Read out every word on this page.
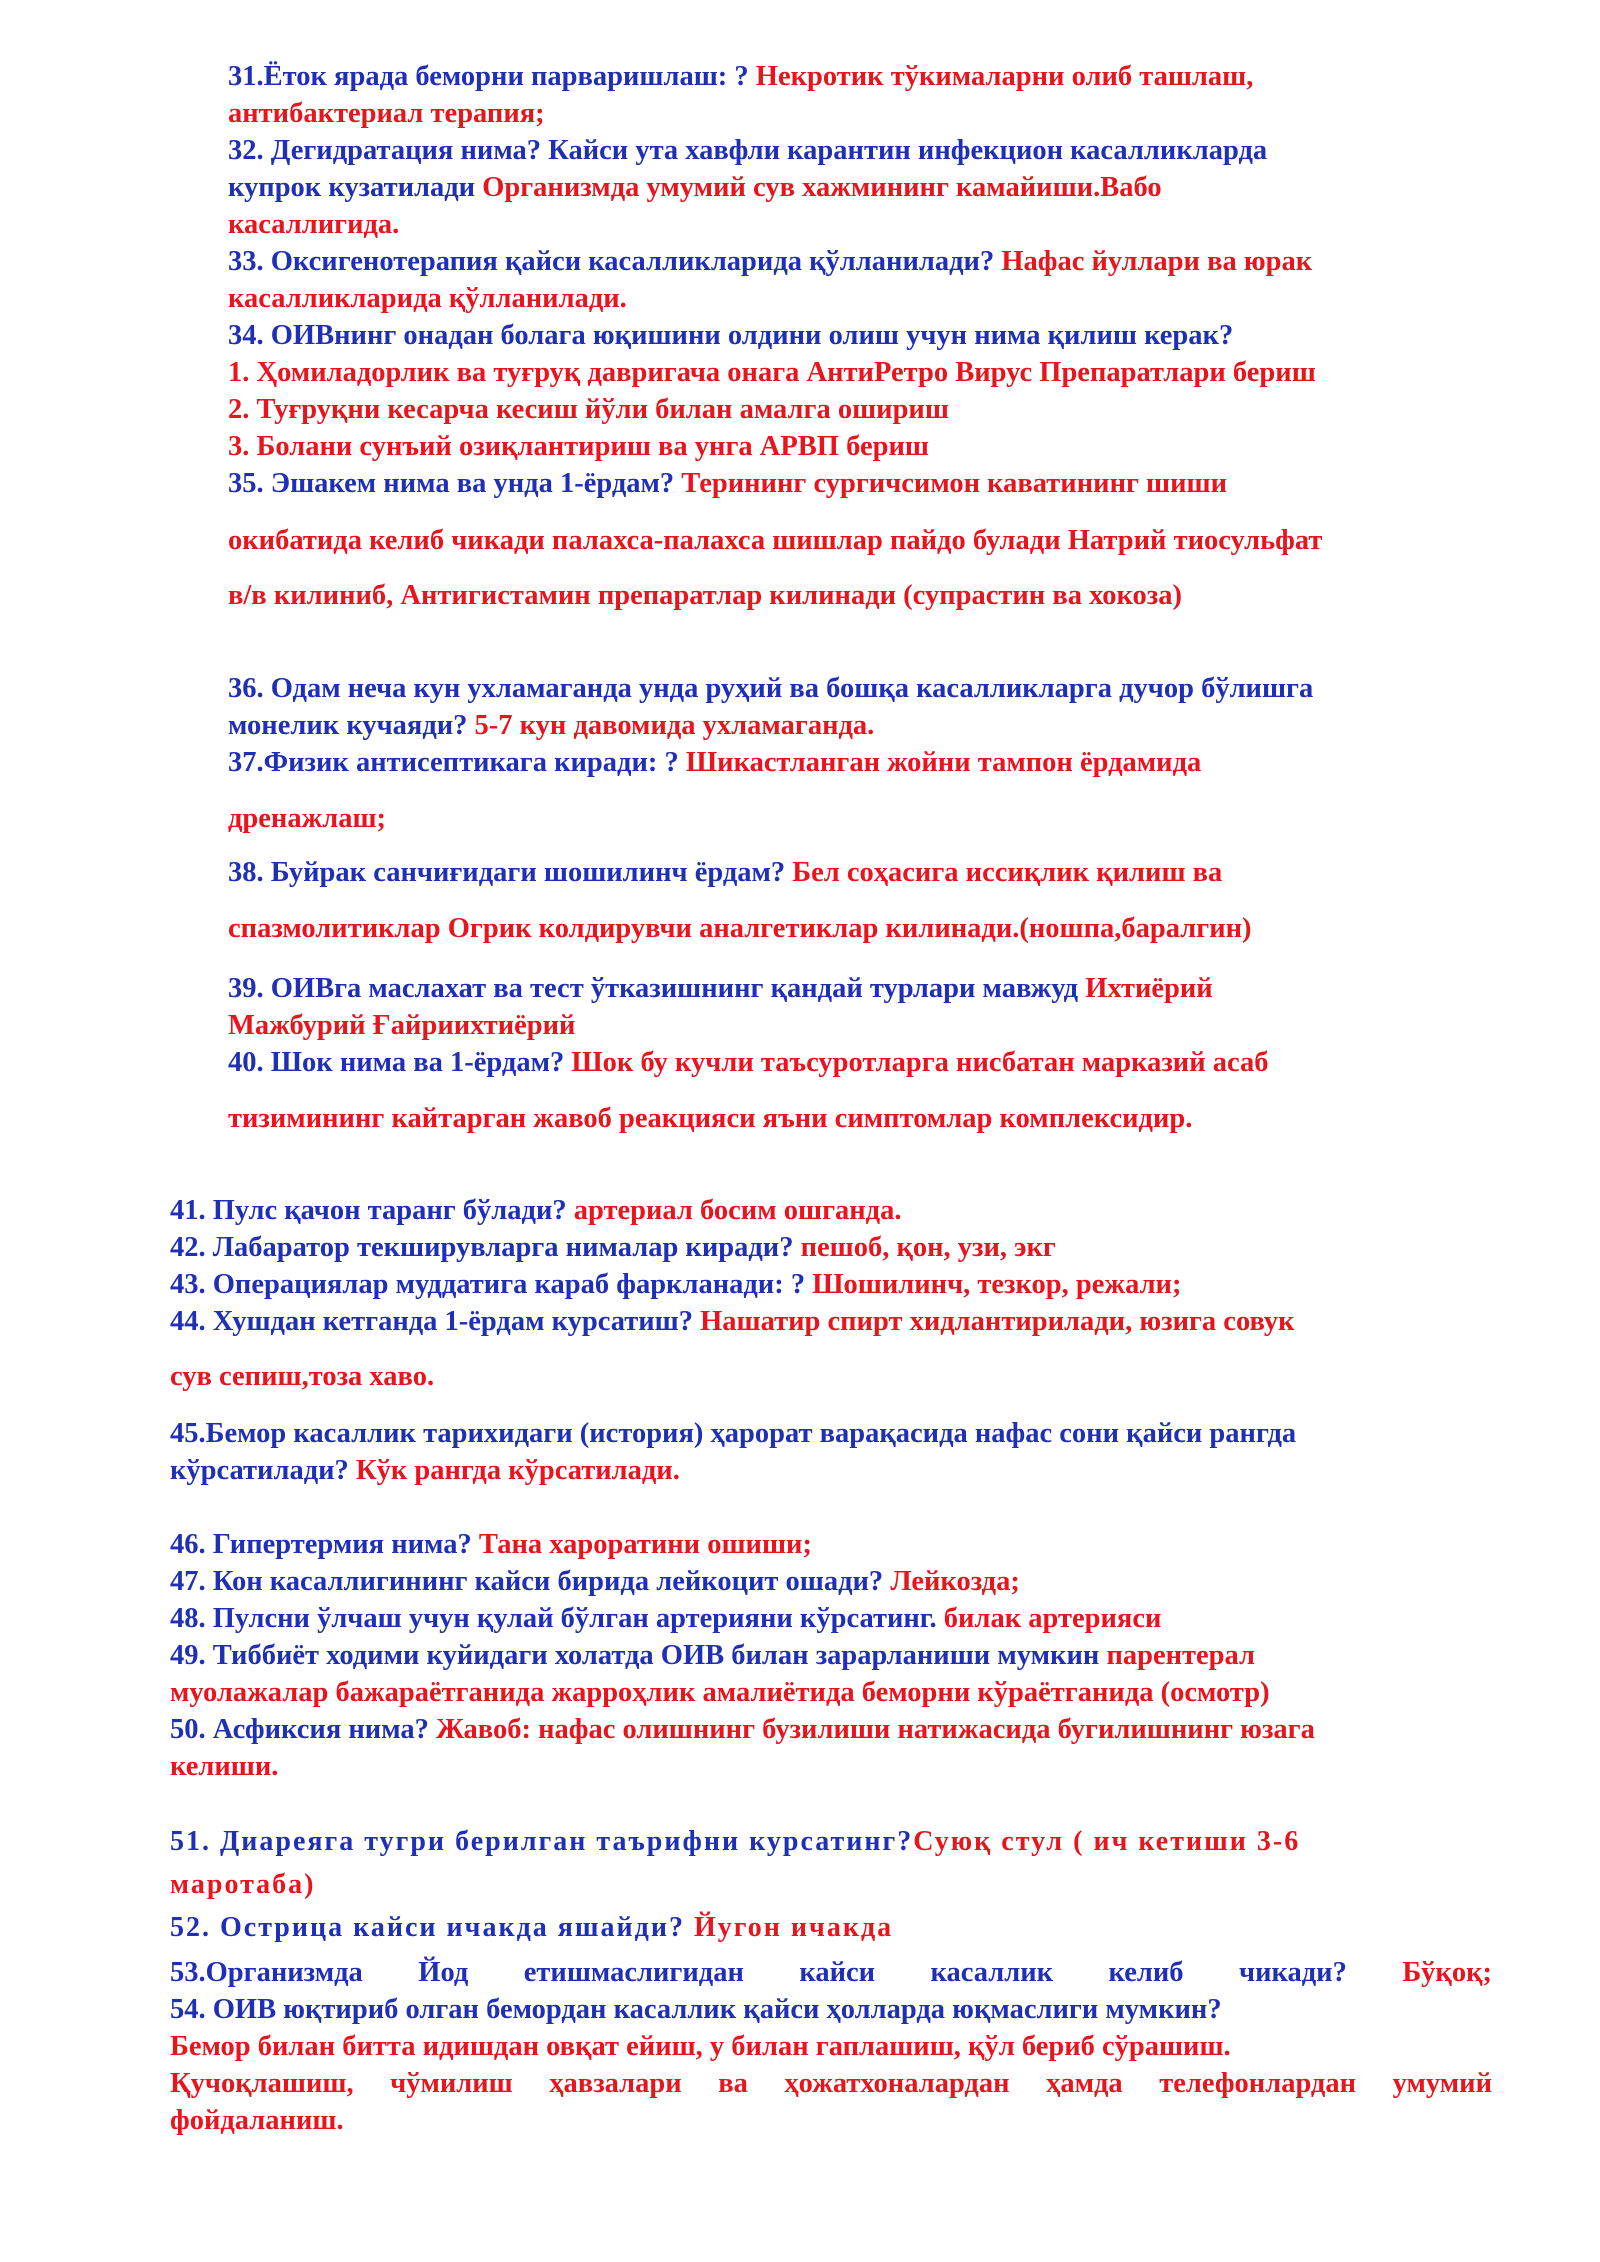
31.Ёток ярада беморни парваришлаш: ? Некротик тўкималарни олиб ташлаш,
антибактериал терапия;
32. Дегидратация нима? Кайси ута хавфли карантин инфекцион касалликларда
купрок кузатилади Организмда умумий сув хажмининг камайиши.Вабо
касаллигида.
33. Оксигенотерапия қайси касалликларида қўлланилади? Нафас йуллари ва юрак
касалликларида қўлланилади.
34. ОИВнинг онадан болага юқишини олдини олиш учун нима қилиш керак?
1. Ҳомиладорлик ва туғруқ давригача онага АнтиРетро Вирус Препаратлари бериш
2. Туғруқни кесарча кесиш йўли билан амалга ошириш
3. Болани сунъий озиқлантириш ва унга АРВП бериш
35. Эшакем нима ва унда 1-ёрдам? Терининг сургичсимон каватининг шиши
окибатида келиб чикади палахса-палахса шишлар пайдо булади Натрий тиосульфат
в/в килиниб, Антигистамин препаратлар килинади (супрастин ва хокоза)
36. Одам неча кун ухламаганда унда руҳий ва бошқа касалликларга дучор бўлишга
монелик кучаяди? 5-7 кун давомида ухламаганда.
37.Физик антисептикага киради: ? Шикастланган жойни тампон ёрдамида
дренажлаш;
38. Буйрак санчиғидаги шошилинч ёрдам? Бел соҳасига иссиқлик қилиш ва
спазмолитиклар Огрик колдирувчи аналгетиклар килинади.(ношпа,баралгин)
39. ОИВга маслахат ва тест ўтказишнинг қандай турлари мавжуд Ихтиёрий
Мажбурий Ғайриихтиёрий
40. Шок нима ва 1-ёрдам? Шок бу кучли таъсуротларга нисбатан марказий асаб
тизимининг кайтарган жавоб реакцияси яъни симптомлар комплексидир.
41. Пулс қачон таранг бўлади? артериал босим ошганда.
42. Лабаратор текширувларга нималар киради? пешоб, қон, узи, экг
43. Операциялар муддатига караб фаркланади: ? Шошилинч, тезкор, режали;
44. Хушдан кетганда 1-ёрдам курсатиш? Нашатир спирт хидлантирилади, юзига совук
сув сепиш,тоза хаво.
45.Бемор касаллик тарихидаги (история) ҳарорат варақасида нафас сони қайси рангда
кўрсатилади? Кўк рангда кўрсатилади.
46. Гипертермия нима? Тана хароратини ошиши;
47. Кон касаллигининг кайси бирида лейкоцит ошади? Лейкозда;
48. Пулсни ўлчаш учун қулай бўлган артерияни кўрсатинг. билак артерияси
49. Тиббиёт ходими куйидаги холатда ОИВ билан зарарланиши мумкин парентерал
муолажалар бажараётганида жарроҳлик амалиётида беморни кўраётганида (осмотр)
50. Асфиксия нима? Жавоб: нафас олишнинг бузилиши натижасида бугилишнинг юзага
келиши.
51. Диареяга тугри берилган таърифни курсатинг?Суюқ стул ( ич кетиши 3-6
маротаба)
52. Острица кайси ичакда яшайди? Йугон ичакда
53.Организмда Йод етишмаслигидан кайси касаллик келиб чикади? Бўқоқ;
54. ОИВ юқтириб олган бемордан касаллик қайси ҳолларда юқмаслиги мумкин?
Бемор билан битта идишдан овқат ейиш, у билан гаплашиш, қўл бериб сўрашиш.
Қучоқлашиш, чўмилиш ҳавзалари ва ҳожатхоналардан ҳамда телефонлардан умумий
фойдаланиш.
